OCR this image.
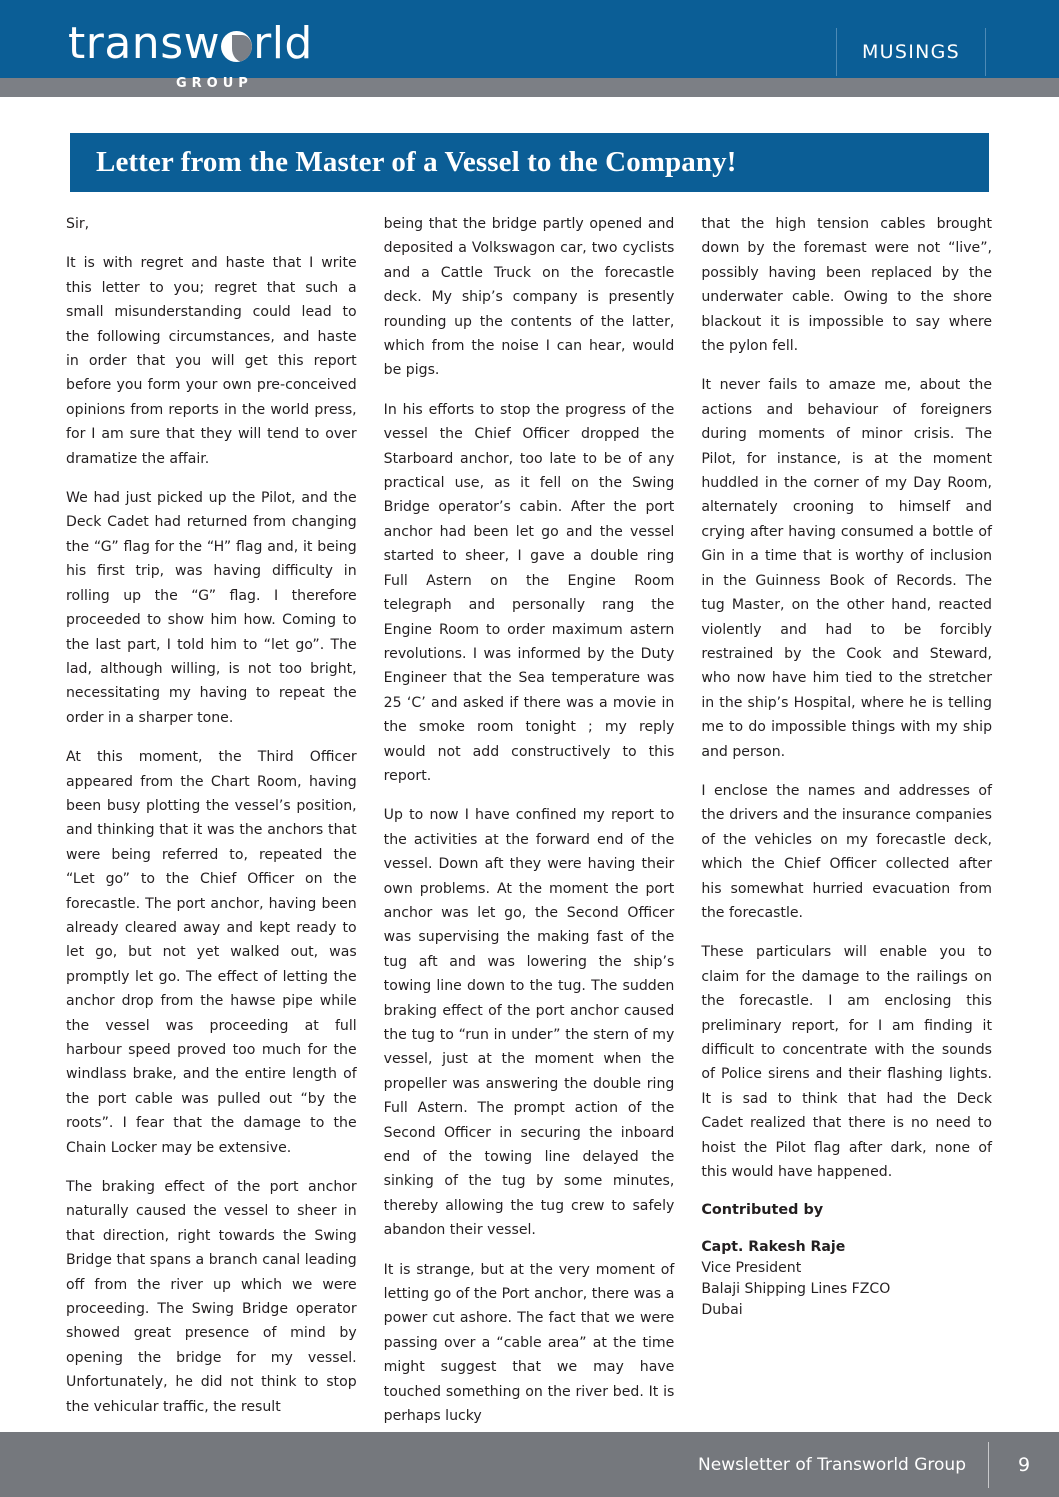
transw rld
GROUP
MUSINGS
Letter from the Master of a Vessel to the Company!

Sir,

It is with regret and haste that I write this letter to you; regret that such a small misunderstanding could lead to the following circumstances, and haste in order that you will get this report before you form your own pre-conceived opinions from reports in the world press, for I am sure that they will tend to over dramatize the affair.

We had just picked up the Pilot, and the Deck Cadet had returned from changing the “G” flag for the “H” flag and, it being his first trip, was having difficulty in rolling up the “G” flag. I therefore proceeded to show him how. Coming to the last part, I told him to “let go”. The lad, although willing, is not too bright, necessitating my having to repeat the order in a sharper tone.

At this moment, the Third Officer appeared from the Chart Room, having been busy plotting the vessel’s position, and thinking that it was the anchors that were being referred to, repeated the “Let go” to the Chief Officer on the forecastle. The port anchor, having been already cleared away and kept ready to let go, but not yet walked out, was promptly let go. The effect of letting the anchor drop from the hawse pipe while the vessel was proceeding at full harbour speed proved too much for the windlass brake, and the entire length of the port cable was pulled out “by the roots”. I fear that the damage to the Chain Locker may be extensive.

The braking effect of the port anchor naturally caused the vessel to sheer in that direction, right towards the Swing Bridge that spans a branch canal leading off from the river up which we were proceeding. The Swing Bridge operator showed great presence of mind by opening the bridge for my vessel. Unfortunately, he did not think to stop the vehicular traffic, the result

being that the bridge partly opened and deposited a Volkswagon car, two cyclists and a Cattle Truck on the forecastle deck. My ship’s company is presently rounding up the contents of the latter, which from the noise I can hear, would be pigs.

In his efforts to stop the progress of the vessel the Chief Officer dropped the Starboard anchor, too late to be of any practical use, as it fell on the Swing Bridge operator’s cabin. After the port anchor had been let go and the vessel started to sheer, I gave a double ring Full Astern on the Engine Room telegraph and personally rang the Engine Room to order maximum astern revolutions. I was informed by the Duty Engineer that the Sea temperature was 25 ‘C’ and asked if there was a movie in the smoke room tonight ; my reply would not add constructively to this report.

Up to now I have confined my report to the activities at the forward end of the vessel. Down aft they were having their own problems. At the moment the port anchor was let go, the Second Officer was supervising the making fast of the tug aft and was lowering the ship’s towing line down to the tug. The sudden braking effect of the port anchor caused the tug to “run in under” the stern of my vessel, just at the moment when the propeller was answering the double ring Full Astern. The prompt action of the Second Officer in securing the inboard end of the towing line delayed the sinking of the tug by some minutes, thereby allowing the tug crew to safely abandon their vessel.

It is strange, but at the very moment of letting go of the Port anchor, there was a power cut ashore. The fact that we were passing over a “cable area” at the time might suggest that we may have touched something on the river bed. It is perhaps lucky

that the high tension cables brought down by the foremast were not “live”, possibly having been replaced by the underwater cable. Owing to the shore blackout it is impossible to say where the pylon fell.

It never fails to amaze me, about the actions and behaviour of foreigners during moments of minor crisis. The Pilot, for instance, is at the moment huddled in the corner of my Day Room, alternately crooning to himself and crying after having consumed a bottle of Gin in a time that is worthy of inclusion in the Guinness Book of Records. The tug Master, on the other hand, reacted violently and had to be forcibly restrained by the Cook and Steward, who now have him tied to the stretcher in the ship’s Hospital, where he is telling me to do impossible things with my ship and person.

I enclose the names and addresses of the drivers and the insurance companies of the vehicles on my forecastle deck, which the Chief Officer collected after his somewhat hurried evacuation from the forecastle.

These particulars will enable you to claim for the damage to the railings on the forecastle. I am enclosing this preliminary report, for I am finding it difficult to concentrate with the sounds of Police sirens and their flashing lights. It is sad to think that had the Deck Cadet realized that there is no need to hoist the Pilot flag after dark, none of this would have happened.

Contributed by
Capt. Rakesh Raje
Vice President
Balaji Shipping Lines FZCO
Dubai
Newsletter of Transworld Group	9
